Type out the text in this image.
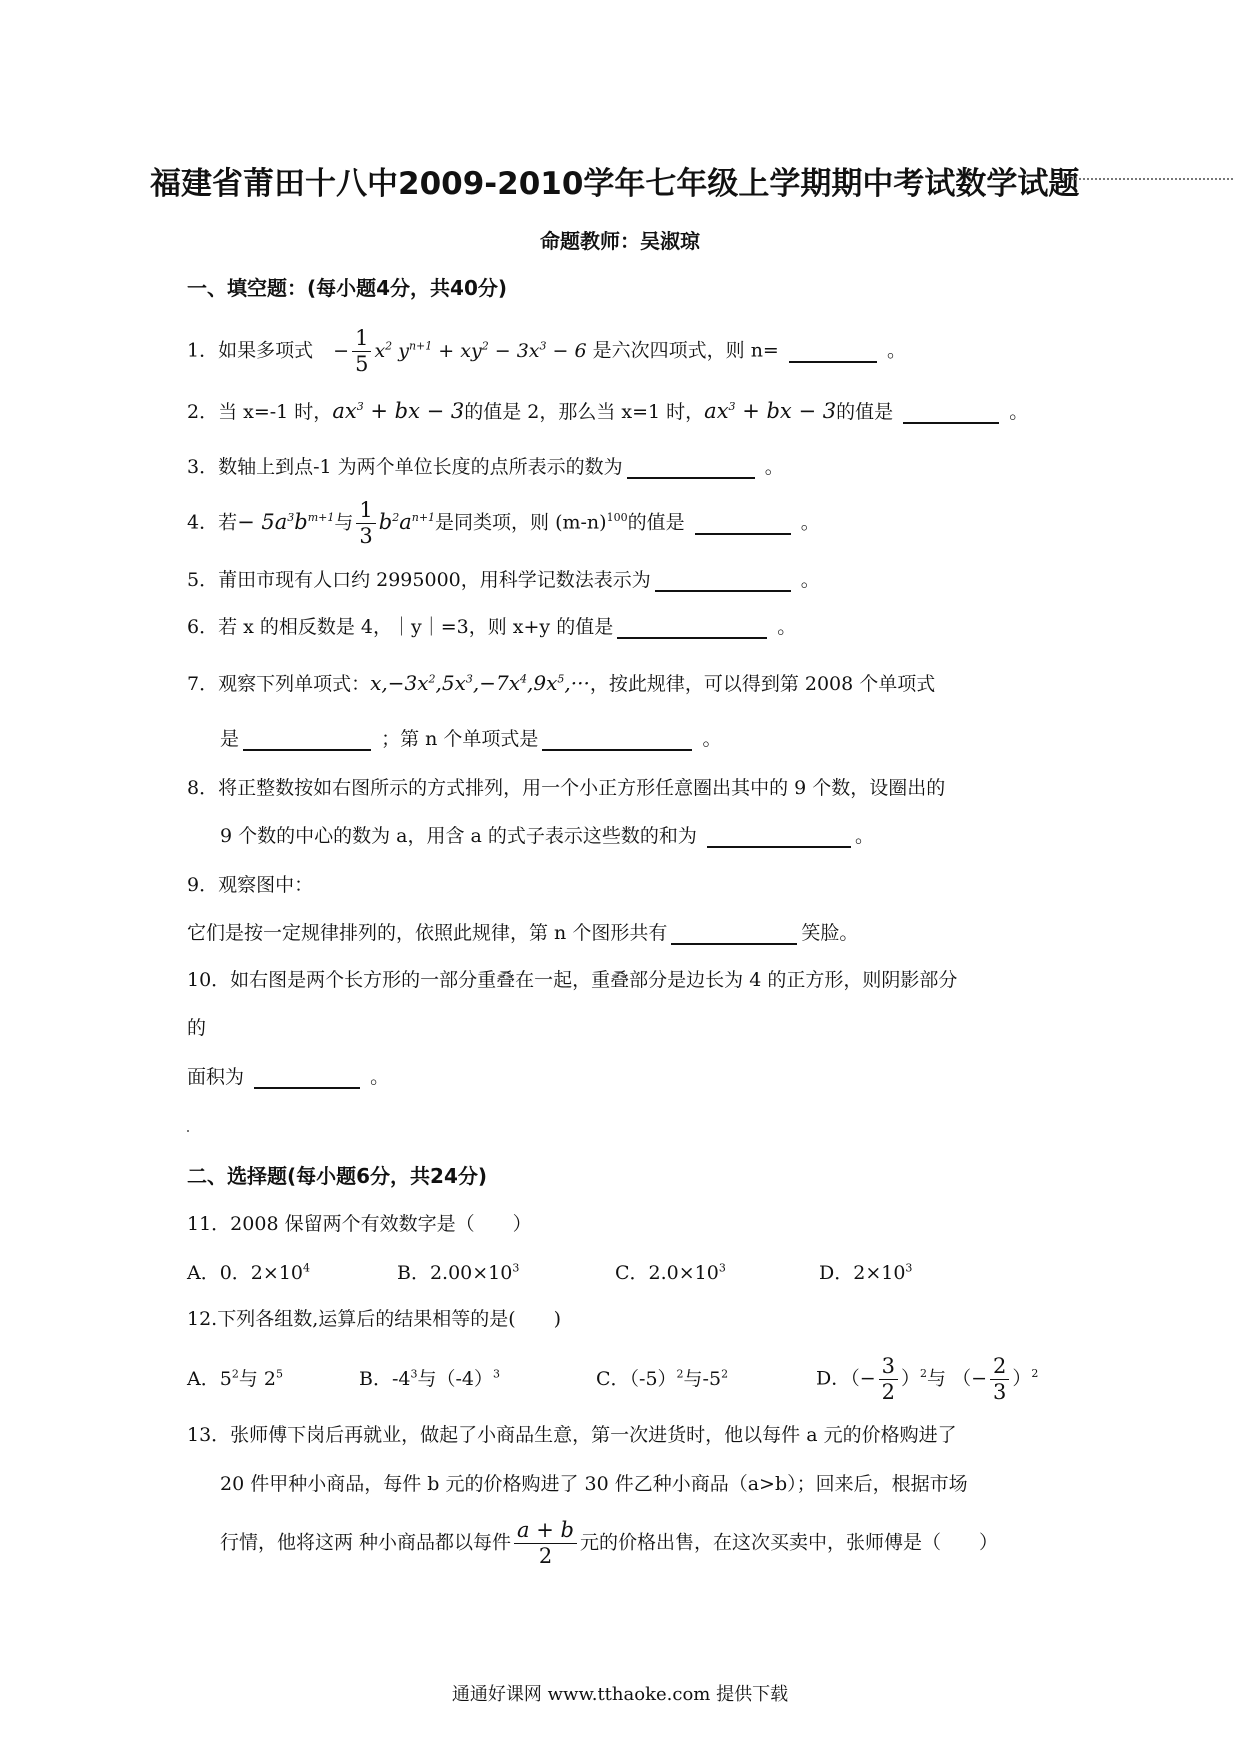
福建省莆田十八中2009-2010学年七年级上学期期中考试数学试题
命题教师：吴淑琼
一、填空题：(每小题4分，共40分)
1．如果多项式 − $\frac{1}{5} x^2$ $y^{n+1} + xy^2 - 3x^3 - 6$ 是六次四项式，则 n=	。
2．当 x=-1 时，$ax^3$ + bx − 3的值是 2，那么当 x=1 时，$ax^3$ + bx − 3的值是	。
3．数轴上到点-1 为两个单位长度的点所表示的数为	。
4．若− $5a^3b^{m+1}$与 $\frac{1}{3} b^2a^{n+1}$是同类项，则 $(m-n)^{100}$的值是	。
5．莆田市现有人口约 2995000，用科学记数法表示为	。
6．若 x 的相反数是 4，｜y｜=3，则 x+y 的值是	。
7．观察下列单项式：$x,-3x^2,5x^3,-7x^4,9x^5,\cdot\cdot\cdot$，按此规律，可以得到第 2008 个单项式
是	；第 n 个单项式是	。
8．将正整数按如右图所示的方式排列，用一个小正方形任意圈出其中的 9 个数，设圈出的
9 个数的中心的数为 a，用含 a 的式子表示这些数的和为	。
9．观察图中：
它们是按一定规律排列的，依照此规律，第 n 个图形共有	笑脸。
10．如右图是两个长方形的一部分重叠在一起，重叠部分是边长为 4 的正方形，则阴影部分
的
面积为	。
二、选择题(每小题6分，共24分)
11．2008 保留两个有效数字是（　　）
A．0．$2\times 10^4$	B．$2.00\times 10^3$	C．$2.0\times 10^3$	D．$2\times 10^3$
12.下列各组数,运算后的结果相等的是(　　)
A．$5^2$与 $2^5$	B．$-4^3$与$(-4)^3$	C．$(-5)^2$与$-5^2$	D．（− $\frac{3}{2} )^2$与 （− $\frac{2}{3} )^2$
13．张师傅下岗后再就业，做起了小商品生意，第一次进货时，他以每件 a 元的价格购进了
20 件甲种小商品，每件 b 元的价格购进了 30 件乙种小商品（a>b）；回来后，根据市场
行情，他将这两 种小商品都以每件 $\frac{a + b}{2}$ 元的价格出售，在这次买卖中，张师傅是（　　）
通通好课网 www.tthaoke.com 提供下载
